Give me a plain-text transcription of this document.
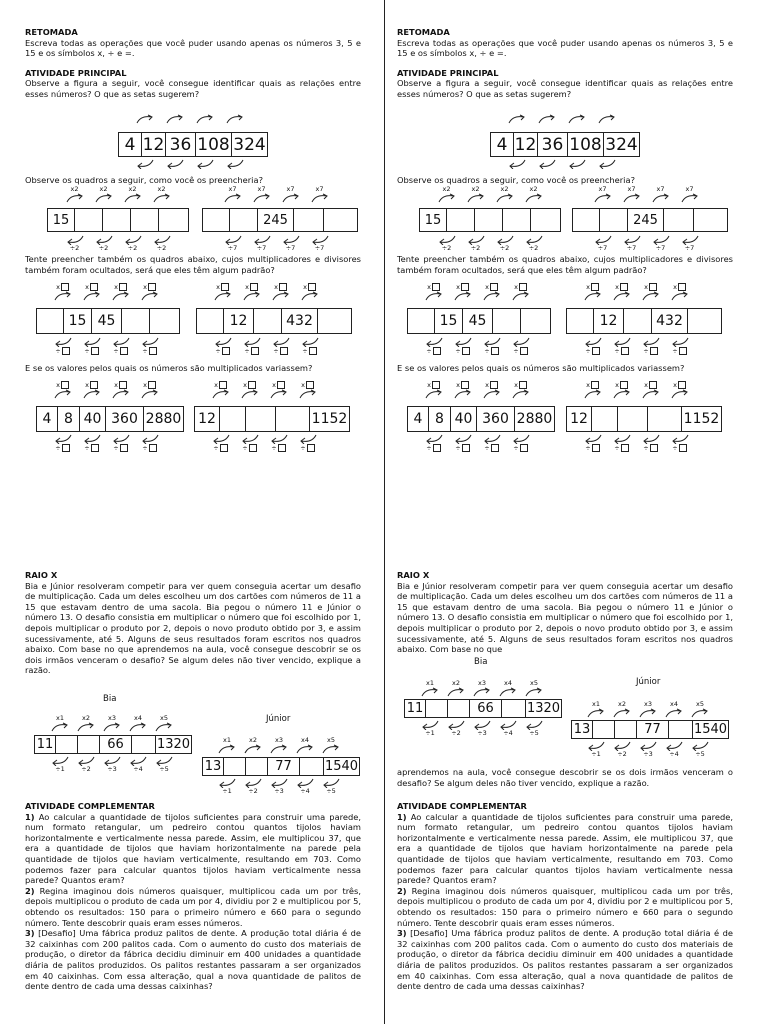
RETOMADA

Escreva todas as operações que você puder usando apenas os números 3, 5 e 15 e os símbolos x, ÷ e =.

ATIVIDADE PRINCIPAL

Observe a figura a seguir, você consegue identificar quais as relações entre esses números? O que as setas sugerem?

4 12 36 108 324

Observe os quadros a seguir, como você os preencheria?

x2	x2	x2	x2
15
÷2	÷2	÷2	÷2
x7	x7	x7	x7
245
÷7	÷7	÷7	÷7

Tente preencher também os quadros abaixo, cujos multiplicadores e divisores também foram ocultados, será que eles têm algum padrão?

x	x	x	x
15 45
÷	÷	÷	÷
x	x	x	x
12	432
÷	÷	÷	÷

E se os valores pelos quais os números são multiplicados variassem?

x	x	x	x
4 8 40 360 2880
÷	÷	÷	÷
x	x	x	x
12	1152
÷	÷	÷	÷
RAIO X

Bia e Júnior resolveram competir para ver quem conseguia acertar um desafio de multiplicação. Cada um deles escolheu um dos cartões com números de 11 a 15 que estavam dentro de uma sacola. Bia pegou o número 11 e Júnior o número 13. O desafio consistia em multiplicar o número que foi escolhido por 1, depois multiplicar o produto por 2, depois o novo produto obtido por 3, e assim sucessivamente, até 5. Alguns de seus resultados foram escritos nos quadros abaixo. Com base no que aprendemos na aula, você consegue descobrir se os dois irmãos venceram o desafio? Se algum deles não tiver vencido, explique a razão.

Bia
x1	x2	x3	x4	x5
11	66	1320
÷1	÷2	÷3	÷4	÷5
Júnior
x1	x2	x3	x4	x5
13	77	1540
÷1	÷2	÷3	÷4	÷5
ATIVIDADE COMPLEMENTAR

1) Ao calcular a quantidade de tijolos suficientes para construir uma parede, num formato retangular, um pedreiro contou quantos tijolos haviam horizontalmente e verticalmente nessa parede. Assim, ele multiplicou 37, que era a quantidade de tijolos que haviam horizontalmente na parede pela quantidade de tijolos que haviam verticalmente, resultando em 703. Como podemos fazer para calcular quantos tijolos haviam verticalmente nessa parede? Quantos eram?

2) Regina imaginou dois números quaisquer, multiplicou cada um por três, depois multiplicou o produto de cada um por 4, dividiu por 2 e multiplicou por 5, obtendo os resultados: 150 para o primeiro número e 660 para o segundo número. Tente descobrir quais eram esses números.

3) [Desafio] Uma fábrica produz palitos de dente. A produção total diária é de 32 caixinhas com 200 palitos cada. Com o aumento do custo dos materiais de produção, o diretor da fábrica decidiu diminuir em 400 unidades a quantidade diária de palitos produzidos. Os palitos restantes passaram a ser organizados em 40 caixinhas. Com essa alteração, qual a nova quantidade de palitos de dente dentro de cada uma dessas caixinhas?

RETOMADA

Escreva todas as operações que você puder usando apenas os números 3, 5 e 15 e os símbolos x, ÷ e =.

ATIVIDADE PRINCIPAL

Observe a figura a seguir, você consegue identificar quais as relações entre esses números? O que as setas sugerem?

4 12 36 108 324

Observe os quadros a seguir, como você os preencheria?

x2	x2	x2	x2
15
÷2	÷2	÷2	÷2
x7	x7	x7	x7
245
÷7	÷7	÷7	÷7

Tente preencher também os quadros abaixo, cujos multiplicadores e divisores também foram ocultados, será que eles têm algum padrão?

x	x	x	x
15 45
÷	÷	÷	÷
x	x	x	x
12	432
÷	÷	÷	÷

E se os valores pelos quais os números são multiplicados variassem?

x	x	x	x
4 8 40 360 2880
÷	÷	÷	÷
x	x	x	x
12	1152
÷	÷	÷	÷
RAIO X

Bia e Júnior resolveram competir para ver quem conseguia acertar um desafio de multiplicação. Cada um deles escolheu um dos cartões com números de 11 a 15 que estavam dentro de uma sacola. Bia pegou o número 11 e Júnior o número 13. O desafio consistia em multiplicar o número que foi escolhido por 1, depois multiplicar o produto por 2, depois o novo produto obtido por 3, e assim sucessivamente, até 5. Alguns de seus resultados foram escritos nos quadros abaixo. Com base no que

Bia
x1	x2	x3	x4	x5
11	66	1320
÷1	÷2	÷3	÷4	÷5
Júnior
x1	x2	x3	x4	x5
13	77	1540
÷1	÷2	÷3	÷4	÷5

aprendemos na aula, você consegue descobrir se os dois irmãos venceram o desafio? Se algum deles não tiver vencido, explique a razão.

ATIVIDADE COMPLEMENTAR

1) Ao calcular a quantidade de tijolos suficientes para construir uma parede, num formato retangular, um pedreiro contou quantos tijolos haviam horizontalmente e verticalmente nessa parede. Assim, ele multiplicou 37, que era a quantidade de tijolos que haviam horizontalmente na parede pela quantidade de tijolos que haviam verticalmente, resultando em 703. Como podemos fazer para calcular quantos tijolos haviam verticalmente nessa parede? Quantos eram?

2) Regina imaginou dois números quaisquer, multiplicou cada um por três, depois multiplicou o produto de cada um por 4, dividiu por 2 e multiplicou por 5, obtendo os resultados: 150 para o primeiro número e 660 para o segundo número. Tente descobrir quais eram esses números.

3) [Desafio] Uma fábrica produz palitos de dente. A produção total diária é de 32 caixinhas com 200 palitos cada. Com o aumento do custo dos materiais de produção, o diretor da fábrica decidiu diminuir em 400 unidades a quantidade diária de palitos produzidos. Os palitos restantes passaram a ser organizados em 40 caixinhas. Com essa alteração, qual a nova quantidade de palitos de dente dentro de cada uma dessas caixinhas?
